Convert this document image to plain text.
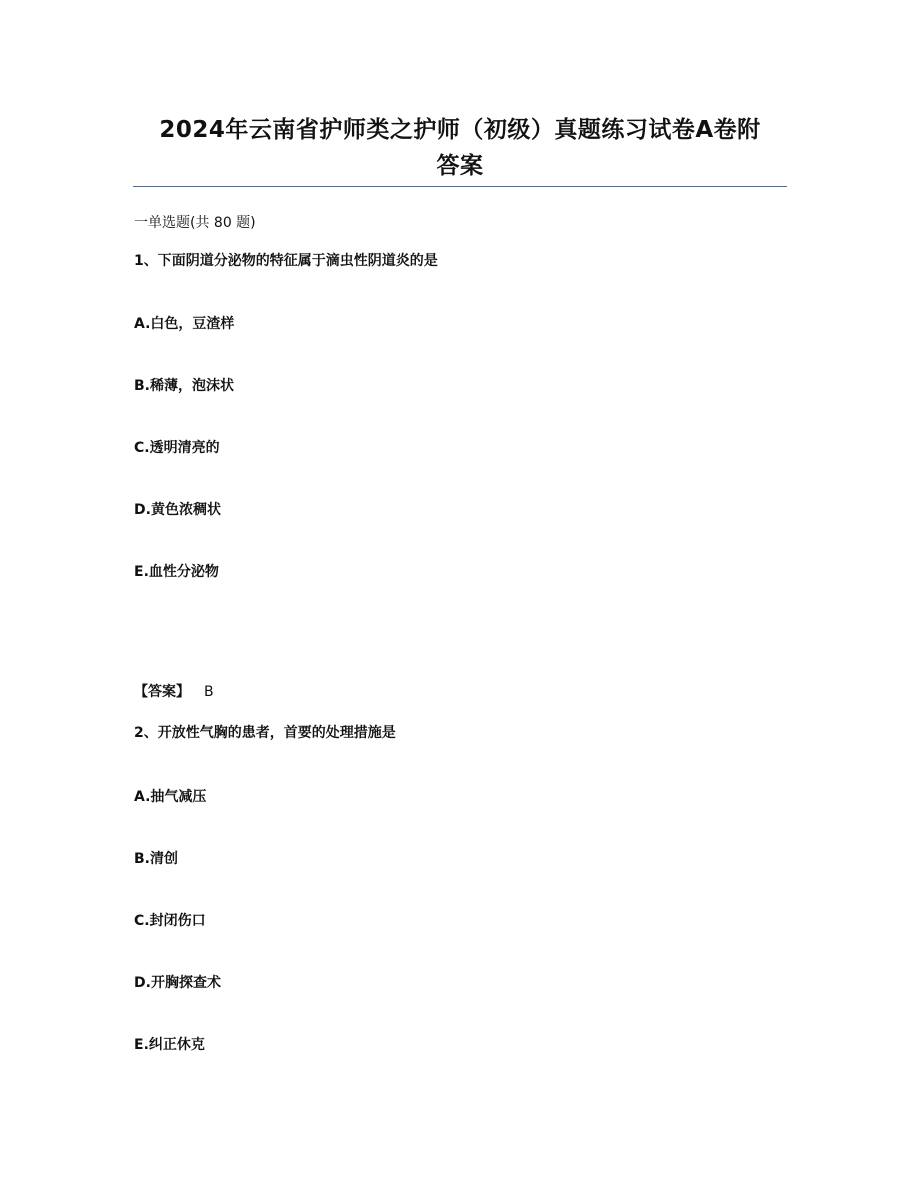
2024年云南省护师类之护师（初级）真题练习试卷A卷附
答案
一单选题(共 80 题)
1、下面阴道分泌物的特征属于滴虫性阴道炎的是
A.白色，豆渣样
B.稀薄，泡沫状
C.透明清亮的
D.黄色浓稠状
E.血性分泌物
【答案】 B
2、开放性气胸的患者，首要的处理措施是
A.抽气减压
B.清创
C.封闭伤口
D.开胸探查术
E.纠正休克
